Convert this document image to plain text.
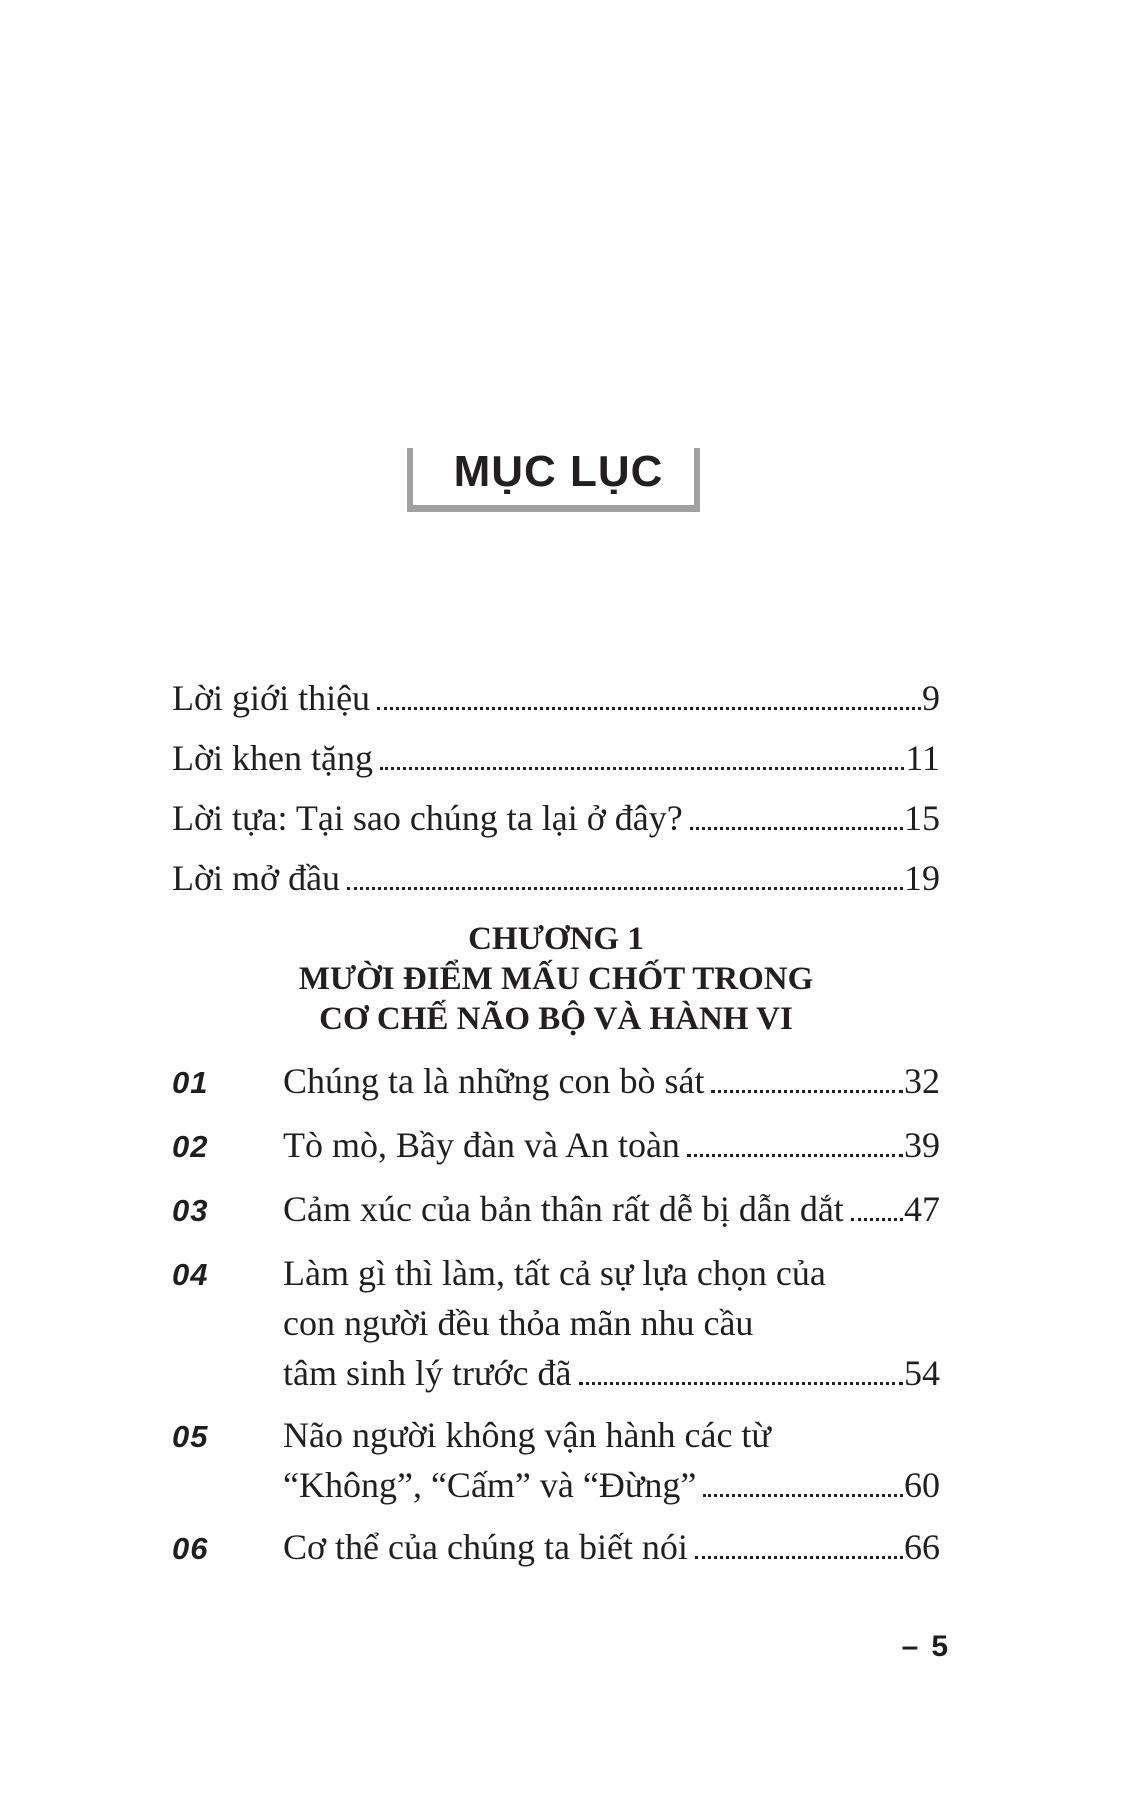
MỤC LỤC
Lời giới thiệu	9
Lời khen tặng	11
Lời tựa: Tại sao chúng ta lại ở đây?	15
Lời mở đầu	19
CHƯƠNG 1
MƯỜI ĐIỂM MẤU CHỐT TRONG
CƠ CHẾ NÃO BỘ VÀ HÀNH VI
01	Chúng ta là những con bò sát	32
02	Tò mò, Bầy đàn và An toàn	39
03	Cảm xúc của bản thân rất dễ bị dẫn dắt 47
04	Làm gì thì làm, tất cả sự lựa chọn của
con người đều thỏa mãn nhu cầu
tâm sinh lý trước đã	54
05	Não người không vận hành các từ
“Không”, “Cấm” và “Đừng”	60
06	Cơ thể của chúng ta biết nói	66
– 5
